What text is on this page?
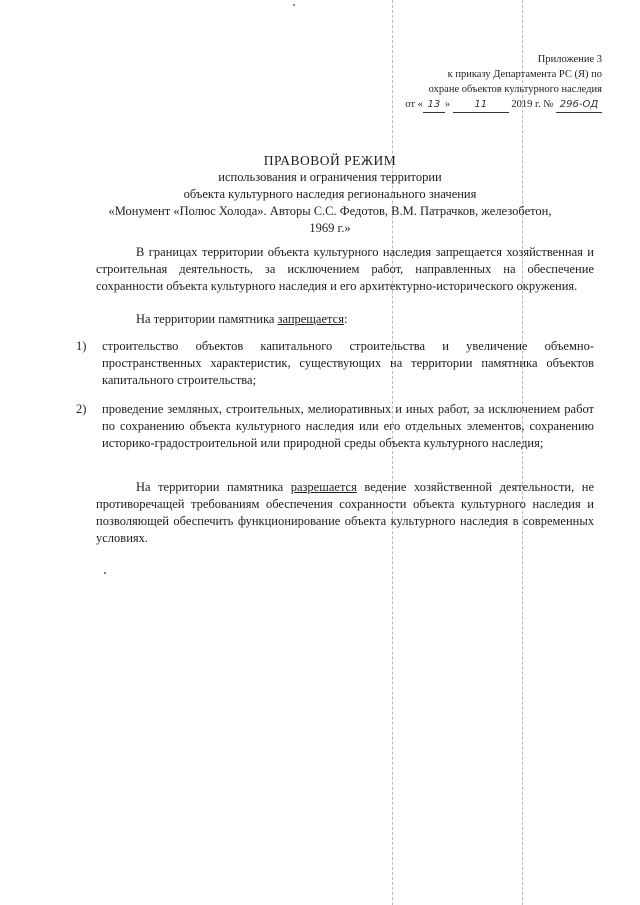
Приложение 3
к приказу Департамента РС (Я) по
охране объектов культурного наследия
от « 13 » 11 2019 г. № 296-ОД
ПРАВОВОЙ РЕЖИМ
использования и ограничения территории
объекта культурного наследия регионального значения
«Монумент «Полюс Холода». Авторы С.С. Федотов, В.М. Патрачков, железобетон,
1969 г.»
В границах территории объекта культурного наследия запрещается хозяйственная и строительная деятельность, за исключением работ, направленных на обеспечение сохранности объекта культурного наследия и его архитектурно-исторического окружения.
На территории памятника запрещается:
1) строительство объектов капитального строительства и увеличение объемно-пространственных характеристик, существующих на территории памятника объектов капитального строительства;
2) проведение земляных, строительных, мелиоративных и иных работ, за исключением работ по сохранению объекта культурного наследия или его отдельных элементов, сохранению историко-градостроительной или природной среды объекта культурного наследия;
На территории памятника разрешается ведение хозяйственной деятельности, не противоречащей требованиям обеспечения сохранности объекта культурного наследия и позволяющей обеспечить функционирование объекта культурного наследия в современных условиях.
